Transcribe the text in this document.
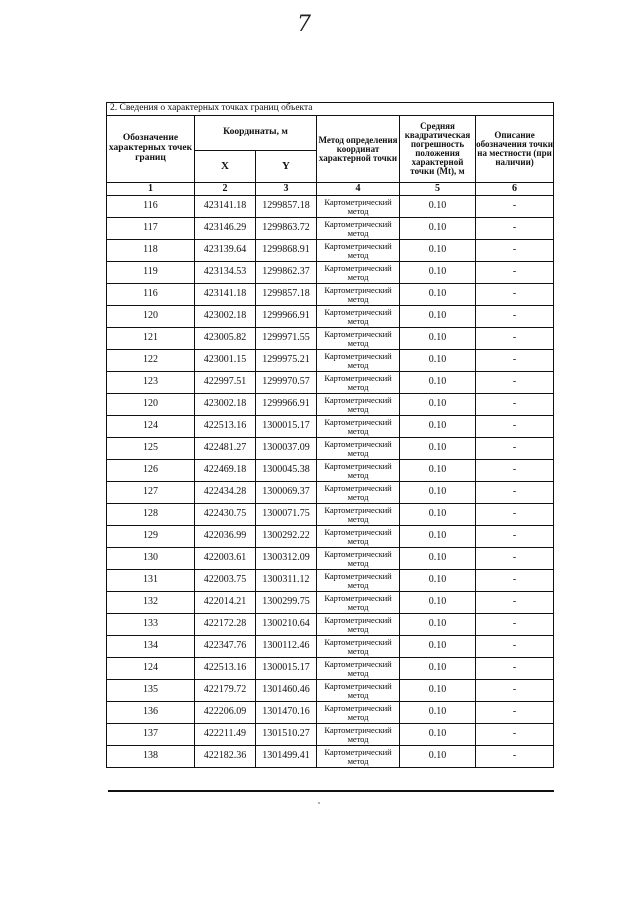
7
2. Сведения о характерных точках границ объекта					
Обозначение характерных точек границ	Координаты, м		Метод определения координат характерной точки	Средняя квадратическая погрешность положения характерной точки (Mt), м	Описание обозначения точки на местности (при наличии)
	X	Y			
1	2	3	4	5	6
116	423141.18	1299857.18	Картометрический метод	0.10	-
117	423146.29	1299863.72	Картометрический метод	0.10	-
118	423139.64	1299868.91	Картометрический метод	0.10	-
119	423134.53	1299862.37	Картометрический метод	0.10	-
116	423141.18	1299857.18	Картометрический метод	0.10	-
120	423002.18	1299966.91	Картометрический метод	0.10	-
121	423005.82	1299971.55	Картометрический метод	0.10	-
122	423001.15	1299975.21	Картометрический метод	0.10	-
123	422997.51	1299970.57	Картометрический метод	0.10	-
120	423002.18	1299966.91	Картометрический метод	0.10	-
124	422513.16	1300015.17	Картометрический метод	0.10	-
125	422481.27	1300037.09	Картометрический метод	0.10	-
126	422469.18	1300045.38	Картометрический метод	0.10	-
127	422434.28	1300069.37	Картометрический метод	0.10	-
128	422430.75	1300071.75	Картометрический метод	0.10	-
129	422036.99	1300292.22	Картометрический метод	0.10	-
130	422003.61	1300312.09	Картометрический метод	0.10	-
131	422003.75	1300311.12	Картометрический метод	0.10	-
132	422014.21	1300299.75	Картометрический метод	0.10	-
133	422172.28	1300210.64	Картометрический метод	0.10	-
134	422347.76	1300112.46	Картометрический метод	0.10	-
124	422513.16	1300015.17	Картометрический метод	0.10	-
135	422179.72	1301460.46	Картометрический метод	0.10	-
136	422206.09	1301470.16	Картометрический метод	0.10	-
137	422211.49	1301510.27	Картометрический метод	0.10	-
138	422182.36	1301499.41	Картометрический метод	0.10	-
